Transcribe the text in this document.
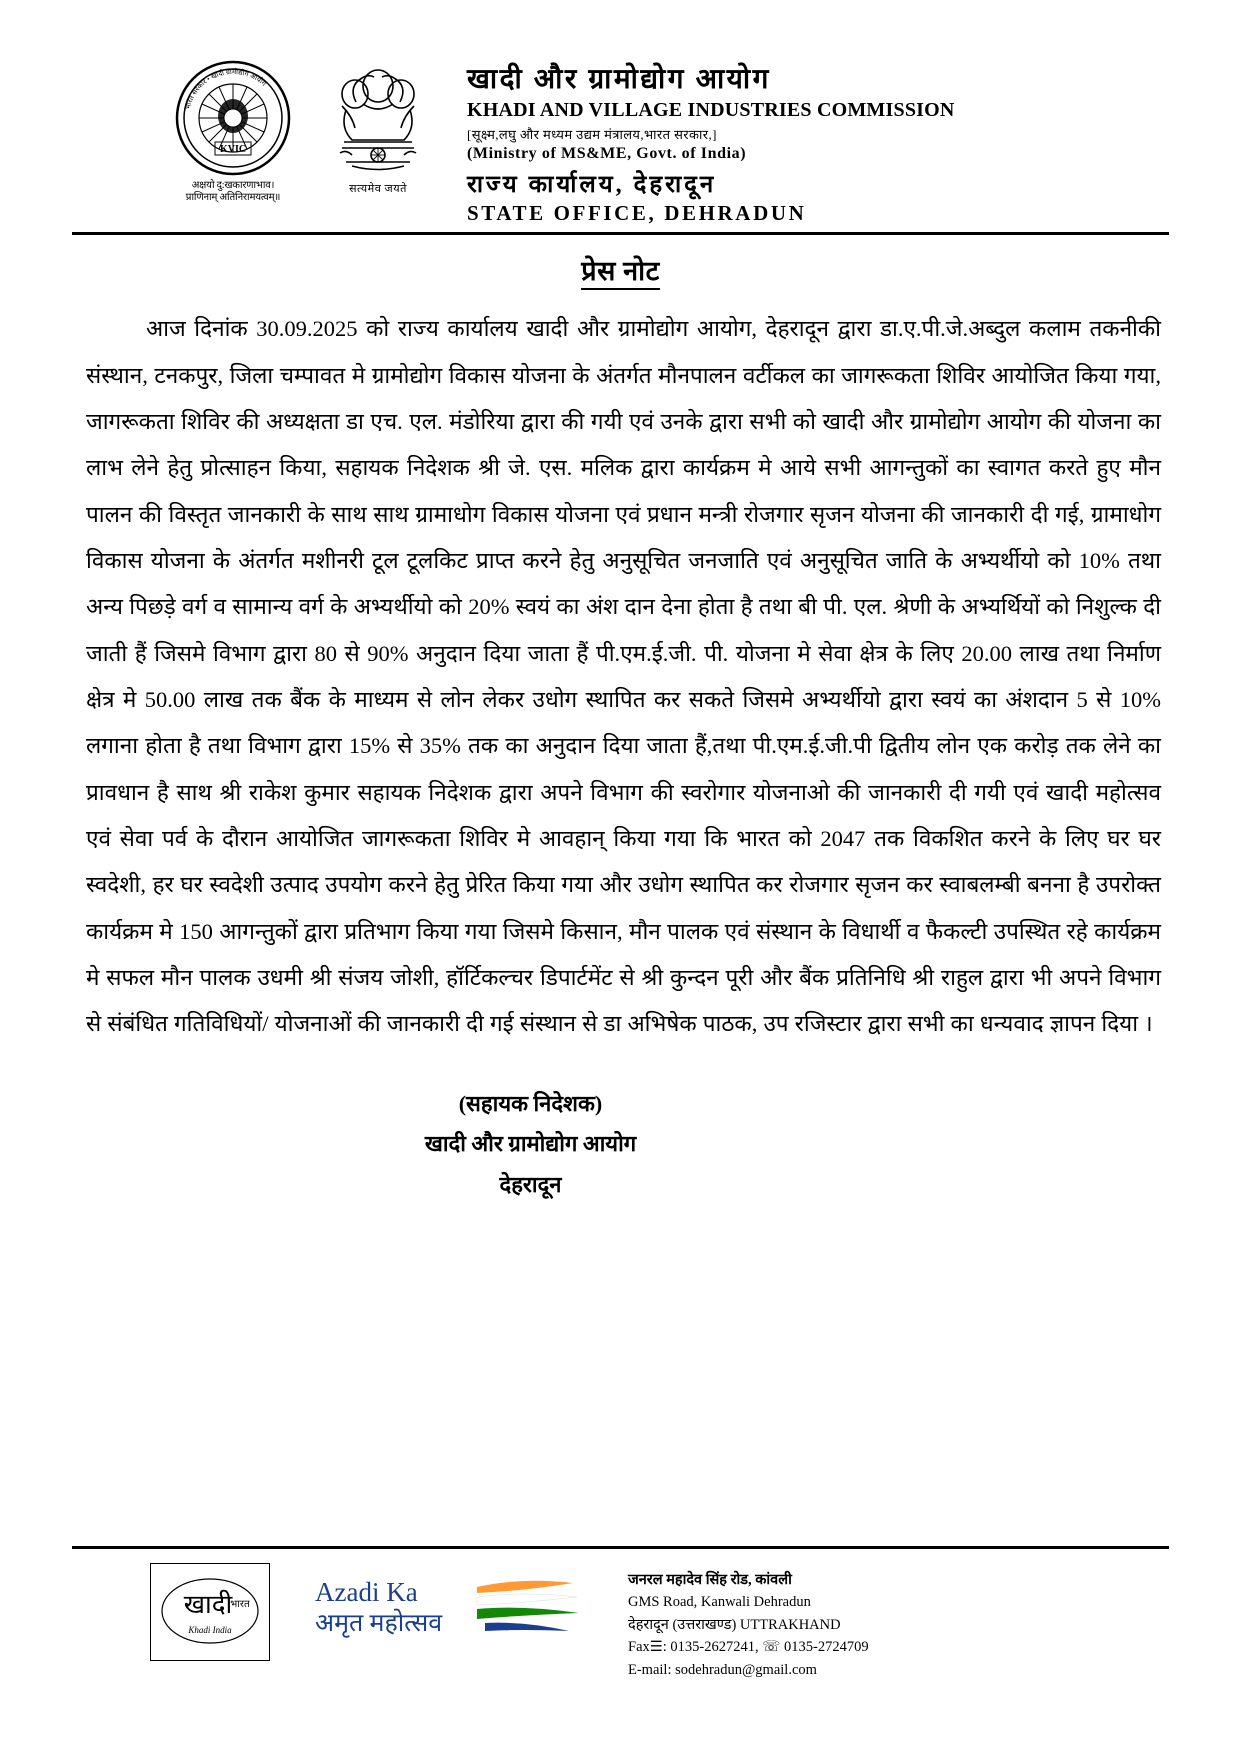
भारत सरकार • खादी ग्रामोद्योग आयोग
KVIC
अक्षयो दु:खकारणाभाव।
प्राणिनाम् अतिनिरामयत्वम्॥
सत्यमेव जयते
खादी और ग्रामोद्योग आयोग
KHADI AND VILLAGE INDUSTRIES COMMISSION
[सूक्ष्म,लघु और मध्यम उद्यम मंत्रालय,भारत सरकार,]
(Ministry of MS&ME, Govt. of India)
राज्य कार्यालय, देहरादून
STATE OFFICE, DEHRADUN
प्रेस नोट
आज दिनांक 30.09.2025 को राज्य कार्यालय खादी और ग्रामोद्योग आयोग, देहरादून द्वारा डा.ए.पी.जे.अब्दुल कलाम तकनीकी संस्थान, टनकपुर, जिला चम्पावत मे ग्रामोद्योग विकास योजना के अंतर्गत मौनपालन वर्टीकल का जागरूकता शिविर आयोजित किया गया, जागरूकता शिविर की अध्यक्षता डा एच. एल. मंडोरिया द्वारा की गयी एवं उनके द्वारा सभी को खादी और ग्रामोद्योग आयोग की योजना का लाभ लेने हेतु प्रोत्साहन किया, सहायक निदेशक श्री जे. एस. मलिक द्वारा कार्यक्रम मे आये सभी आगन्तुकों का स्वागत करते हुए मौन पालन की विस्तृत जानकारी के साथ साथ ग्रामाधोग विकास योजना एवं प्रधान मन्त्री रोजगार सृजन योजना की जानकारी दी गई, ग्रामाधोग विकास योजना के अंतर्गत मशीनरी टूल टूलकिट प्राप्त करने हेतु अनुसूचित जनजाति एवं अनुसूचित जाति के अभ्यर्थीयो को 10% तथा अन्य पिछड़े वर्ग व सामान्य वर्ग के अभ्यर्थीयो को 20% स्वयं का अंश दान देना होता है तथा बी पी. एल. श्रेणी के अभ्यर्थियों को निशुल्क दी जाती हैं जिसमे विभाग द्वारा 80 से 90% अनुदान दिया जाता हैं पी.एम.ई.जी. पी. योजना मे सेवा क्षेत्र के लिए 20.00 लाख तथा निर्माण क्षेत्र मे 50.00 लाख तक बैंक के माध्यम से लोन लेकर उधोग स्थापित कर सकते जिसमे अभ्यर्थीयो द्वारा स्वयं का अंशदान 5 से 10% लगाना होता है तथा विभाग द्वारा 15% से 35% तक का अनुदान दिया जाता हैं,तथा पी.एम.ई.जी.पी द्वितीय लोन एक करोड़ तक लेने का प्रावधान है साथ श्री राकेश कुमार सहायक निदेशक द्वारा अपने विभाग की स्वरोगार योजनाओ की जानकारी दी गयी एवं खादी महोत्सव एवं सेवा पर्व के दौरान आयोजित जागरूकता शिविर मे आवहान् किया गया कि भारत को 2047 तक विकशित करने के लिए घर घर स्वदेशी, हर घर स्वदेशी उत्पाद उपयोग करने हेतु प्रेरित किया गया और उधोग स्थापित कर रोजगार सृजन कर स्वाबलम्बी बनना है उपरोक्त कार्यक्रम मे 150 आगन्तुकों द्वारा प्रतिभाग किया गया जिसमे किसान, मौन पालक एवं संस्थान के विधार्थी व फैकल्टी उपस्थित रहे कार्यक्रम मे सफल मौन पालक उधमी श्री संजय जोशी, हॉर्टिकल्चर डिपार्टमेंट से श्री कुन्दन पूरी और बैंक प्रतिनिधि श्री राहुल द्वारा भी अपने विभाग से संबंधित गतिविधियों/ योजनाओं की जानकारी दी गई संस्थान से डा अभिषेक पाठक, उप रजिस्टार द्वारा सभी का धन्यवाद ज्ञापन दिया ।
(सहायक निदेशक)
खादी और ग्रामोद्योग आयोग
देहरादून
खादी
भारत
Khadi India
Azadi Ka
अमृत महोत्सव
जनरल महादेव सिंह रोड, कांवली
GMS Road, Kanwali Dehradun
देहरादून (उत्तराखण्ड) UTTRAKHAND
Fax☰: 0135-2627241, ☏ 0135-2724709
E-mail: sodehradun@gmail.com
